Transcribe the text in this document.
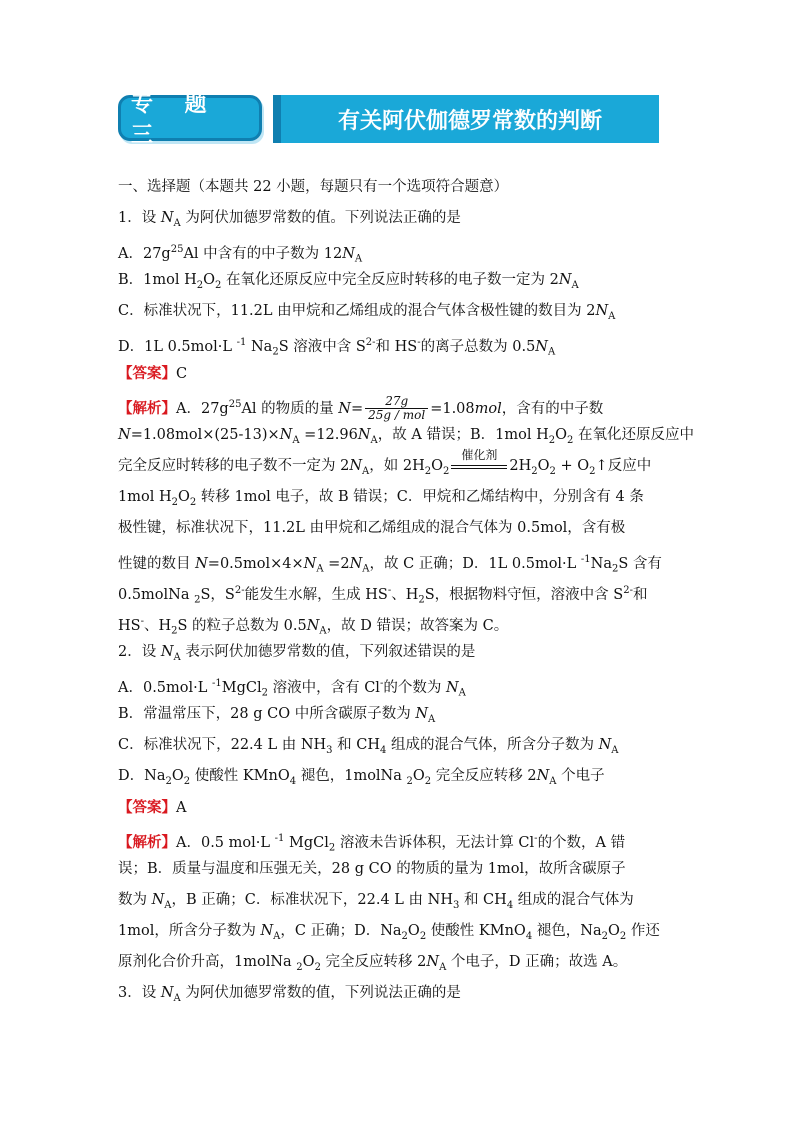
专 题 三
有关阿伏伽德罗常数的判断
一、选择题（本题共 22 小题，每题只有一个选项符合题意）
1．设 $N_A$ 为阿伏加德罗常数的值。下列说法正确的是
A．$27g^{25}Al$ 中含有的中子数为 $12N_A$
B．1mol $H_2O_2$ 在氧化还原反应中完全反应时转移的电子数一定为 $2N_A$
C．标准状况下，11.2L 由甲烷和乙烯组成的混合气体含极性键的数目为 $2N_A$
D．1L 0.5mol·L $^{-1}$ $Na_2S$ 溶液中含 $S^{2-}$和 HS-的离子总数为 $0.5N_A$
【答案】C
【解析】A．$27g^{25}Al$ 的物质的量 $N= \frac{27g}{\text{25g / mol}} =1.08mol$，含有的中子数
$N=1.08mol\times(25-13)\times N_A =12.96N_A$，故 A 错误；B．1mol $H_2O_2$ 在氧化还原反应中
完全反应时转移的电子数不一定为 $2N_A$，如 $2H_2O_2$
催化剂
$2H_2O_2$ + $O_2↑$反应中
1mol $H_2O_2$ 转移 1mol 电子，故 B 错误；C．甲烷和乙烯结构中，分别含有 4 条
极性键，标准状况下，11.2L 由甲烷和乙烯组成的混合气体为 0.5mol，含有极
性键的数目 $N=0.5mol\times 4\times N_A =2N_A$，故 C 正确；D．1L 0.5mol·L $^{-1}Na_2S$ 含有
0.5molNa $_2$S，$S^{2-}$能发生水解，生成 HS-、$H_2S$，根据物料守恒，溶液中含 $S^{2-}$和
HS-、$H_2S$ 的粒子总数为 $0.5N_A$，故 D 错误；故答案为 C。
2．设 $N_A$ 表示阿伏加德罗常数的值，下列叙述错误的是
A．0.5mol·L $^{-1}$MgCl$_2$ 溶液中，含有 Cl-的个数为 $N_A$
B．常温常压下，28 g CO 中所含碳原子数为 $N_A$
C．标准状况下，22.4 L 由 $NH_3$ 和 $CH_4$ 组成的混合气体，所含分子数为 $N_A$
D．$Na_2O_2$ 使酸性 KMnO$_4$ 褪色，1molNa $_2O_2$ 完全反应转移 $2N_A$ 个电子
【答案】A
【解析】A．0.5 mol·L $^{-1}$ MgCl$_2$ 溶液未告诉体积，无法计算 Cl-的个数，A 错
误；B．质量与温度和压强无关，28 g CO 的物质的量为 1mol，故所含碳原子
数为 $N_A$，B 正确；C．标准状况下，22.4 L 由 $NH_3$ 和 $CH_4$ 组成的混合气体为
1mol，所含分子数为 $N_A$，C 正确；D．$Na_2O_2$ 使酸性 KMnO$_4$ 褪色，$Na_2O_2$ 作还
原剂化合价升高，1molNa $_2O_2$ 完全反应转移 $2N_A$ 个电子，D 正确；故选 A。
3．设 $N_A$ 为阿伏加德罗常数的值，下列说法正确的是
